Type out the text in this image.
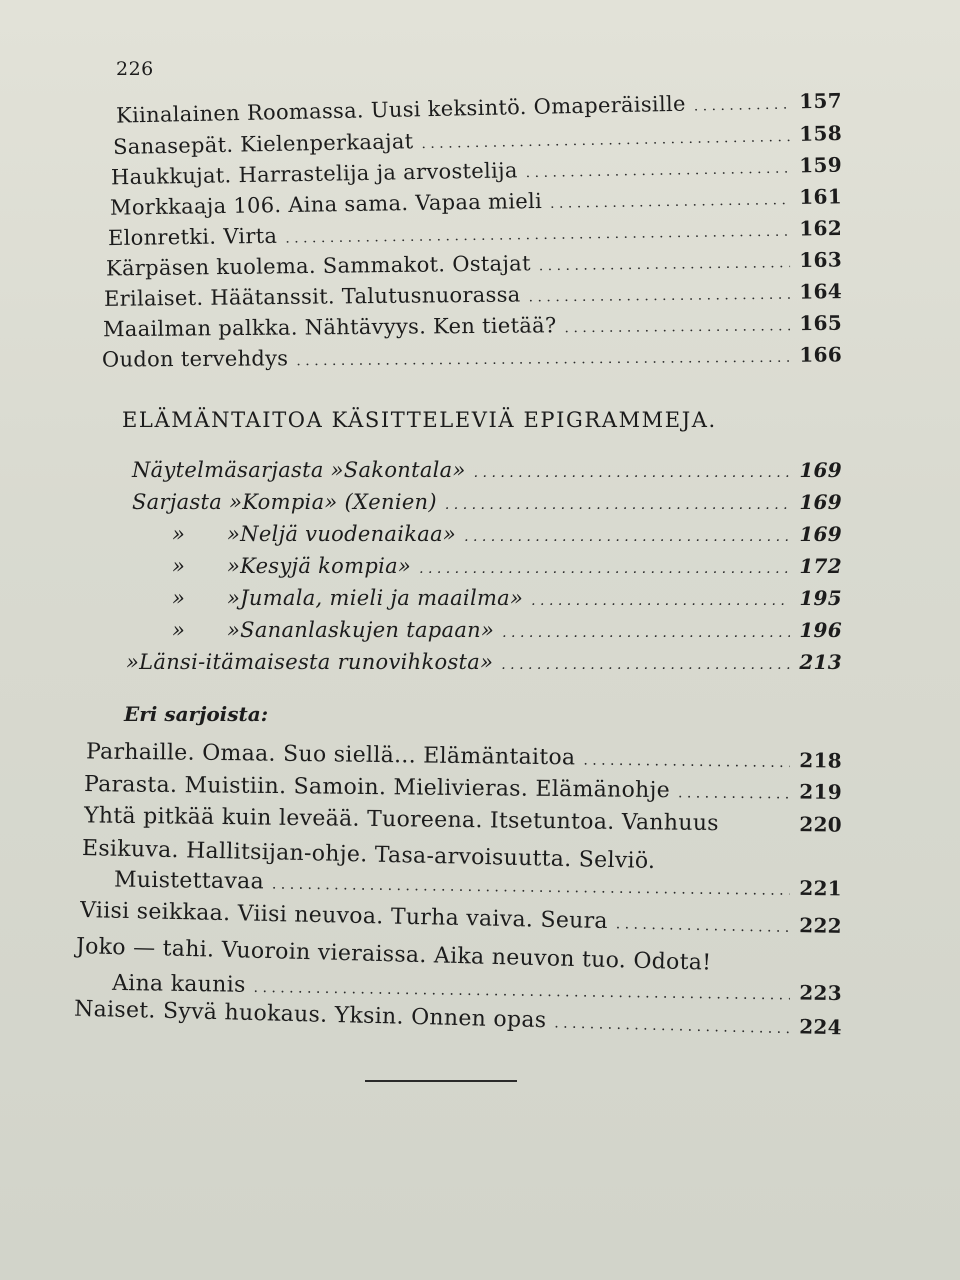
226
Kiinalainen Roomassa. Uusi keksintö. Omaperäisille . . .	157
Sanasepät. Kielenperkaajat . . .	158
Haukkujat. Harrastelija ja arvostelija . . .	159
Morkkaaja 106. Aina sama. Vapaa mieli . . .	161
Elonretki. Virta . . .	162
Kärpäsen kuolema. Sammakot. Ostajat . . .	163
Erilaiset. Häätanssit. Talutusnuorassa . . .	164
Maailman palkka. Nähtävyys. Ken tietää? . . .	165
Oudon tervehdys . . .	166
ELÄMÄNTAITOA KÄSITTELEVIÄ EPIGRAMMEJA.
Näytelmäsarjasta »Sakontala» . . .	169
Sarjasta »Kompia» (Xenien) . . .	169
»      »Neljä vuodenaikaa» . . .	169
»      »Kesyjä kompia» . . .	172
»      »Jumala, mieli ja maailma» . . .	195
»      »Sananlaskujen tapaan» . . .	196
»Länsi-itämaisesta runovihkosta» . . .	213
Eri sarjoista:
Parhaille. Omaa. Suo siellä... Elämäntaitoa . . .	218
Parasta. Muistiin. Samoin. Mielivieras. Elämänohje . . .	219
Yhtä pitkää kuin leveää. Tuoreena. Itsetuntoa. Vanhuus	220
Esikuva. Hallitsijan-ohje. Tasa-arvoisuutta. Selviö.
Muistettavaa . . .	221
Viisi seikkaa. Viisi neuvoa. Turha vaiva. Seura . . .	222
Joko — tahi. Vuoroin vieraissa. Aika neuvon tuo. Odota!
Aina kaunis . . .	223
Naiset. Syvä huokaus. Yksin. Onnen opas . . .	224
